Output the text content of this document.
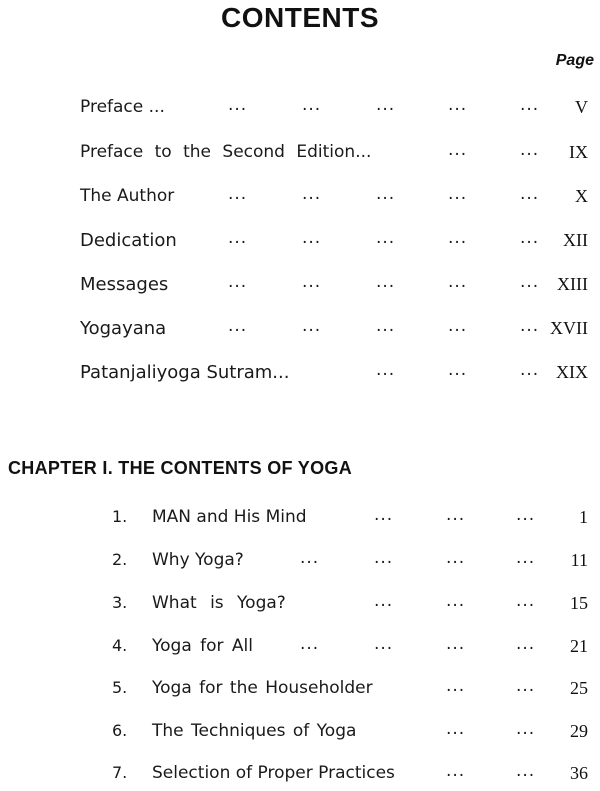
CONTENTS
Page
Preface ...	...	...	...	...	... V
Preface to the Second Edition...	...	... IX
The Author	...	...	...	...	... X
Dedication	...	...	...	...	... XII
Messages	...	...	...	...	... XIII
Yogayana	...	...	...	...	... XVII
Patanjaliyoga Sutram...	...	...	... XIX
CHAPTER I. THE CONTENTS OF YOGA
1. MAN and His Mind	...	...	... 1
2. Why Yoga?	...	...	...	... 11
3. What is Yoga?	...	...	... 15
4. Yoga for All	...	...	...	... 21
5. Yoga for the Householder	...	... 25
6. The Techniques of Yoga	...	... 29
7. Selection of Proper Practices	...	... 36
